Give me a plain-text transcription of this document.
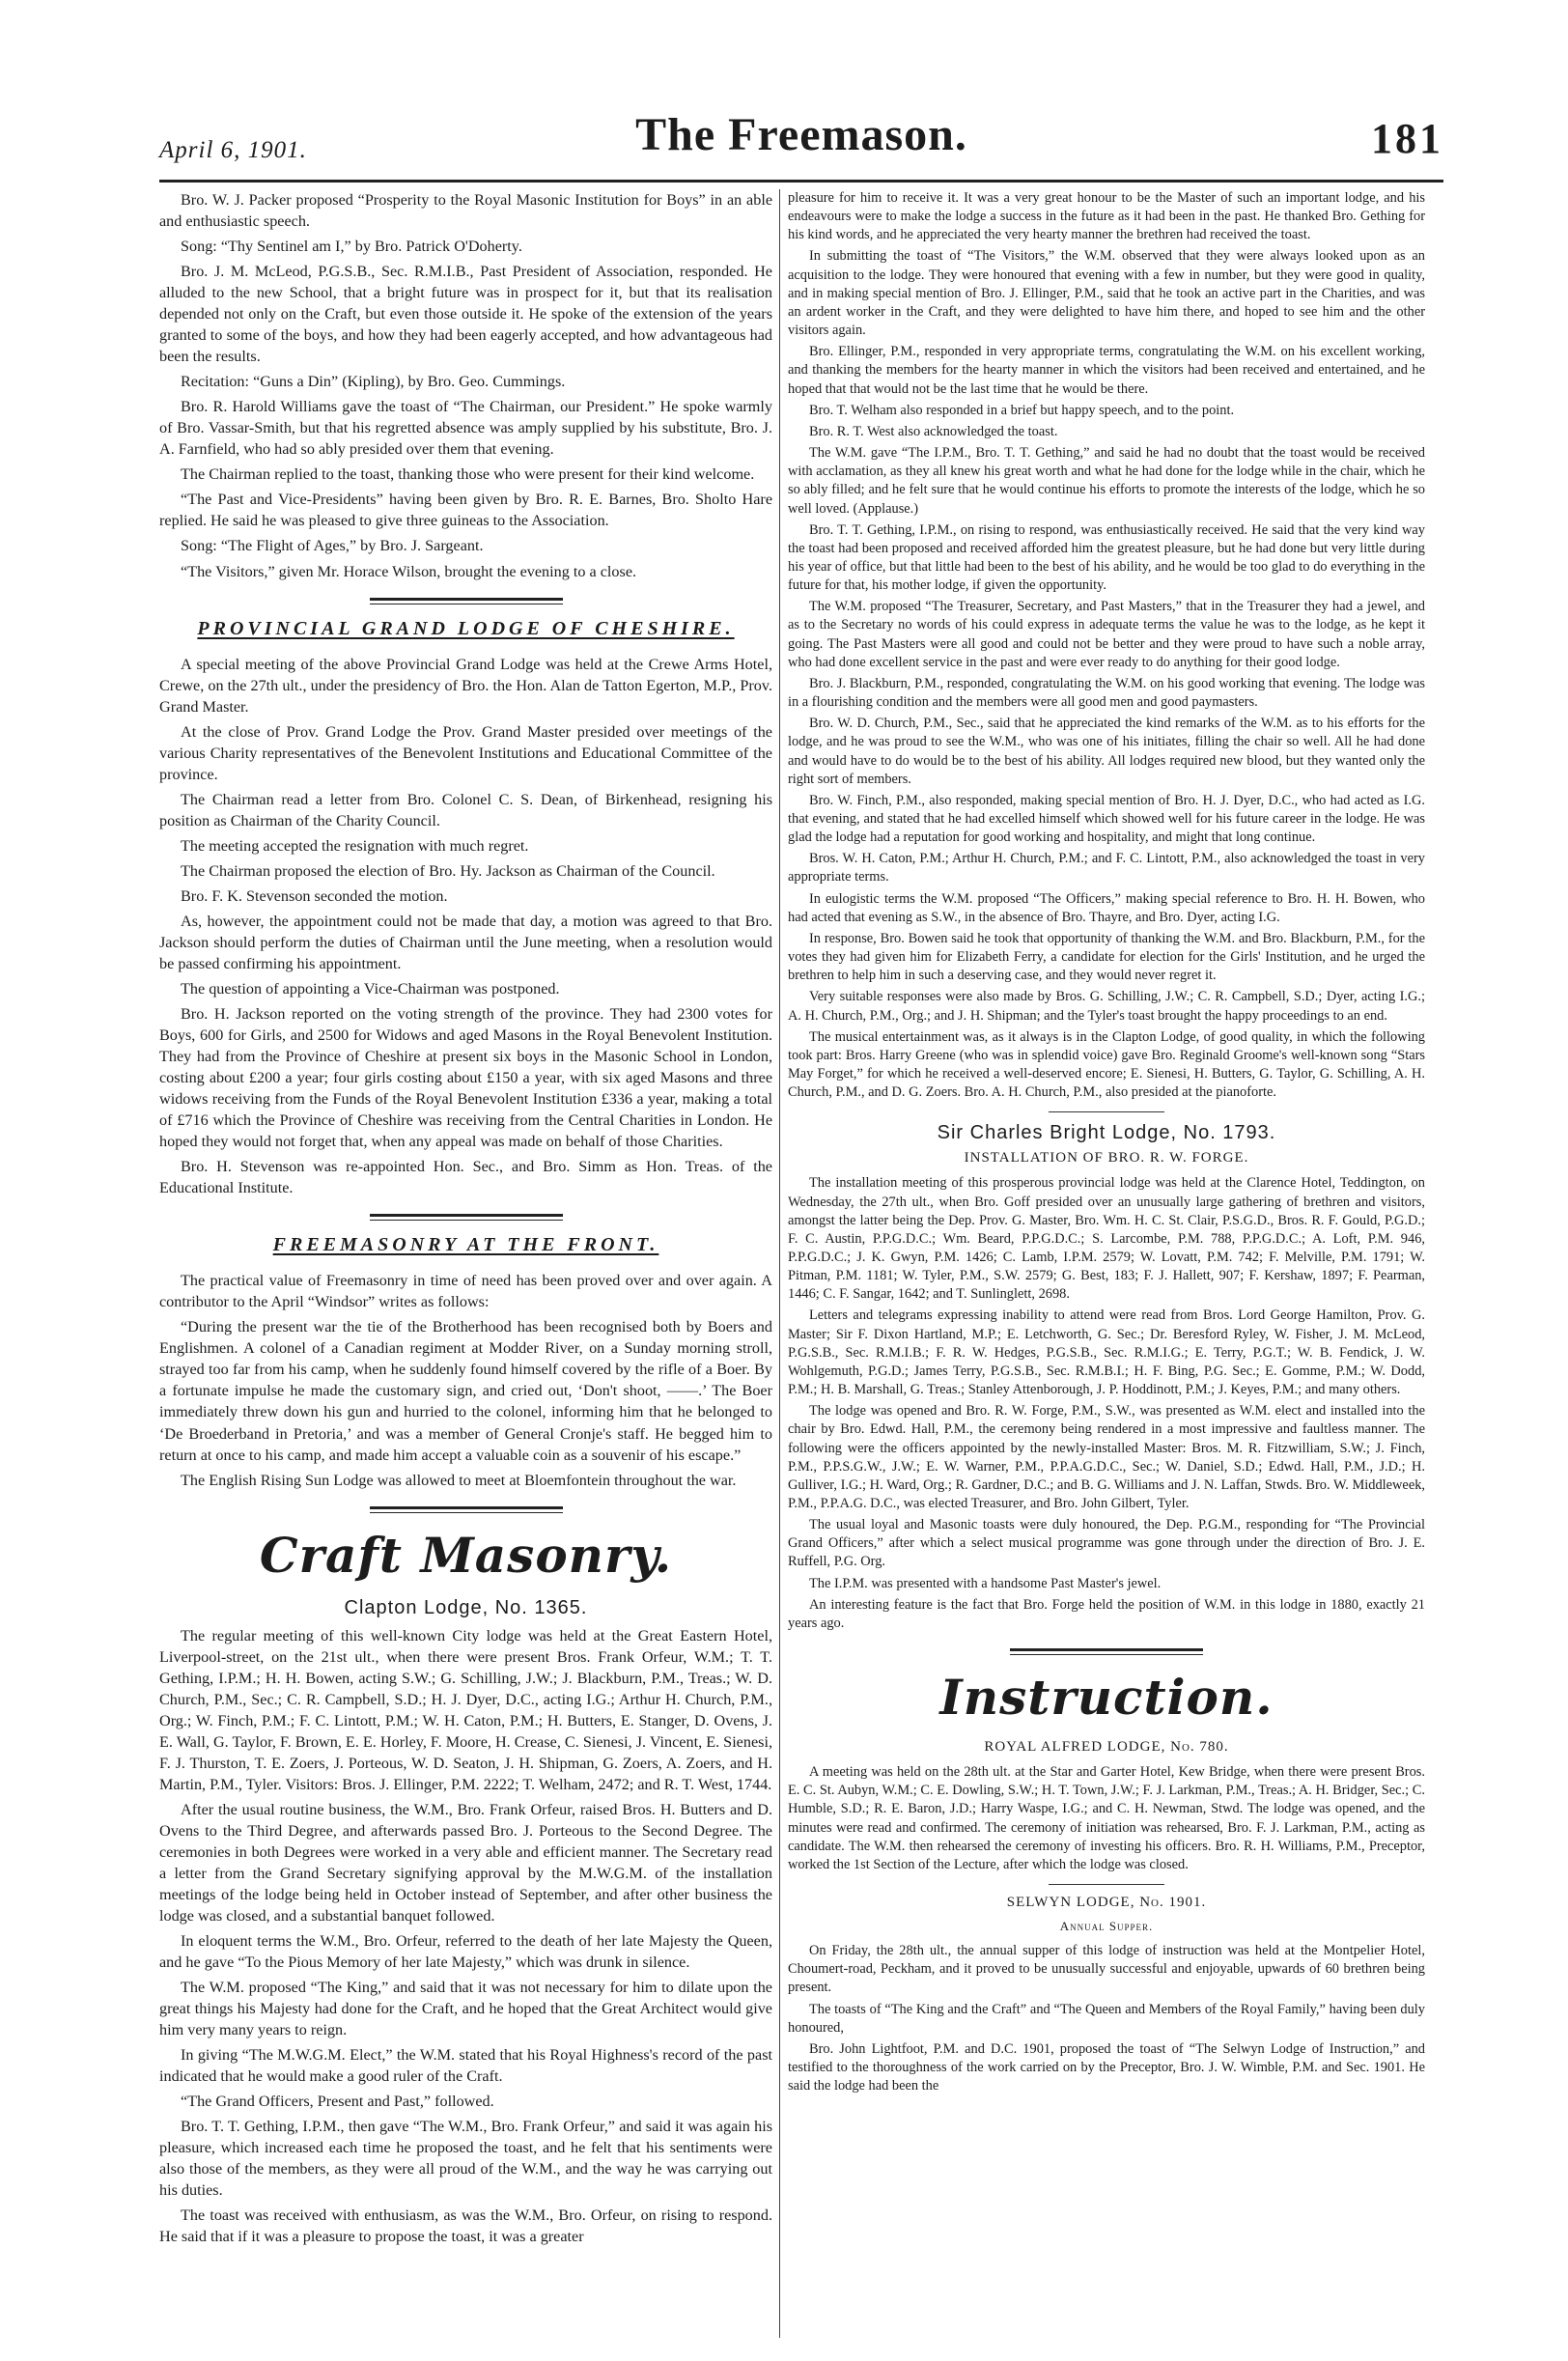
April 6, 1901.	The Freemason.	181

Bro. W. J. Packer proposed “Prosperity to the Royal Masonic Institution for Boys” in an able and enthusiastic speech.

Song: “Thy Sentinel am I,” by Bro. Patrick O'Doherty.

Bro. J. M. McLeod, P.G.S.B., Sec. R.M.I.B., Past President of Association, responded. He alluded to the new School, that a bright future was in prospect for it, but that its realisation depended not only on the Craft, but even those outside it. He spoke of the extension of the years granted to some of the boys, and how they had been eagerly accepted, and how advantageous had been the results.

Recitation: “Guns a Din” (Kipling), by Bro. Geo. Cummings.

Bro. R. Harold Williams gave the toast of “The Chairman, our President.” He spoke warmly of Bro. Vassar-Smith, but that his regretted absence was amply supplied by his substitute, Bro. J. A. Farnfield, who had so ably presided over them that evening.

The Chairman replied to the toast, thanking those who were present for their kind welcome.

“The Past and Vice-Presidents” having been given by Bro. R. E. Barnes, Bro. Sholto Hare replied. He said he was pleased to give three guineas to the Association.

Song: “The Flight of Ages,” by Bro. J. Sargeant.

“The Visitors,” given Mr. Horace Wilson, brought the evening to a close.

PROVINCIAL GRAND LODGE OF CHESHIRE.

A special meeting of the above Provincial Grand Lodge was held at the Crewe Arms Hotel, Crewe, on the 27th ult., under the presidency of Bro. the Hon. Alan de Tatton Egerton, M.P., Prov. Grand Master.

At the close of Prov. Grand Lodge the Prov. Grand Master presided over meetings of the various Charity representatives of the Benevolent Institutions and Educational Committee of the province.

The Chairman read a letter from Bro. Colonel C. S. Dean, of Birkenhead, resigning his position as Chairman of the Charity Council.

The meeting accepted the resignation with much regret.

The Chairman proposed the election of Bro. Hy. Jackson as Chairman of the Council.

Bro. F. K. Stevenson seconded the motion.

As, however, the appointment could not be made that day, a motion was agreed to that Bro. Jackson should perform the duties of Chairman until the June meeting, when a resolution would be passed confirming his appointment.

The question of appointing a Vice-Chairman was postponed.

Bro. H. Jackson reported on the voting strength of the province. They had 2300 votes for Boys, 600 for Girls, and 2500 for Widows and aged Masons in the Royal Benevolent Institution. They had from the Province of Cheshire at present six boys in the Masonic School in London, costing about £200 a year; four girls costing about £150 a year, with six aged Masons and three widows receiving from the Funds of the Royal Benevolent Institution £336 a year, making a total of £716 which the Province of Cheshire was receiving from the Central Charities in London. He hoped they would not forget that, when any appeal was made on behalf of those Charities.

Bro. H. Stevenson was re-appointed Hon. Sec., and Bro. Simm as Hon. Treas. of the Educational Institute.

FREEMASONRY AT THE FRONT.

The practical value of Freemasonry in time of need has been proved over and over again. A contributor to the April “Windsor” writes as follows:

“During the present war the tie of the Brotherhood has been recognised both by Boers and Englishmen. A colonel of a Canadian regiment at Modder River, on a Sunday morning stroll, strayed too far from his camp, when he suddenly found himself covered by the rifle of a Boer. By a fortunate impulse he made the customary sign, and cried out, ‘Don't shoot, ——.’ The Boer immediately threw down his gun and hurried to the colonel, informing him that he belonged to ‘De Broederband in Pretoria,’ and was a member of General Cronje's staff. He begged him to return at once to his camp, and made him accept a valuable coin as a souvenir of his escape.”

The English Rising Sun Lodge was allowed to meet at Bloemfontein throughout the war.

Craft Masonry.
Clapton Lodge, No. 1365.

The regular meeting of this well-known City lodge was held at the Great Eastern Hotel, Liverpool-street, on the 21st ult., when there were present Bros. Frank Orfeur, W.M.; T. T. Gething, I.P.M.; H. H. Bowen, acting S.W.; G. Schilling, J.W.; J. Blackburn, P.M., Treas.; W. D. Church, P.M., Sec.; C. R. Campbell, S.D.; H. J. Dyer, D.C., acting I.G.; Arthur H. Church, P.M., Org.; W. Finch, P.M.; F. C. Lintott, P.M.; W. H. Caton, P.M.; H. Butters, E. Stanger, D. Ovens, J. E. Wall, G. Taylor, F. Brown, E. E. Horley, F. Moore, H. Crease, C. Sienesi, J. Vincent, E. Sienesi, F. J. Thurston, T. E. Zoers, J. Porteous, W. D. Seaton, J. H. Shipman, G. Zoers, A. Zoers, and H. Martin, P.M., Tyler. Visitors: Bros. J. Ellinger, P.M. 2222; T. Welham, 2472; and R. T. West, 1744.

After the usual routine business, the W.M., Bro. Frank Orfeur, raised Bros. H. Butters and D. Ovens to the Third Degree, and afterwards passed Bro. J. Porteous to the Second Degree. The ceremonies in both Degrees were worked in a very able and efficient manner. The Secretary read a letter from the Grand Secretary signifying approval by the M.W.G.M. of the installation meetings of the lodge being held in October instead of September, and after other business the lodge was closed, and a substantial banquet followed.

In eloquent terms the W.M., Bro. Orfeur, referred to the death of her late Majesty the Queen, and he gave “To the Pious Memory of her late Majesty,” which was drunk in silence.

The W.M. proposed “The King,” and said that it was not necessary for him to dilate upon the great things his Majesty had done for the Craft, and he hoped that the Great Architect would give him very many years to reign.

In giving “The M.W.G.M. Elect,” the W.M. stated that his Royal Highness's record of the past indicated that he would make a good ruler of the Craft.

“The Grand Officers, Present and Past,” followed.

Bro. T. T. Gething, I.P.M., then gave “The W.M., Bro. Frank Orfeur,” and said it was again his pleasure, which increased each time he proposed the toast, and he felt that his sentiments were also those of the members, as they were all proud of the W.M., and the way he was carrying out his duties.

The toast was received with enthusiasm, as was the W.M., Bro. Orfeur, on rising to respond. He said that if it was a pleasure to propose the toast, it was a greater

pleasure for him to receive it. It was a very great honour to be the Master of such an important lodge, and his endeavours were to make the lodge a success in the future as it had been in the past. He thanked Bro. Gething for his kind words, and he appreciated the very hearty manner the brethren had received the toast.

In submitting the toast of “The Visitors,” the W.M. observed that they were always looked upon as an acquisition to the lodge. They were honoured that evening with a few in number, but they were good in quality, and in making special mention of Bro. J. Ellinger, P.M., said that he took an active part in the Charities, and was an ardent worker in the Craft, and they were delighted to have him there, and hoped to see him and the other visitors again.

Bro. Ellinger, P.M., responded in very appropriate terms, congratulating the W.M. on his excellent working, and thanking the members for the hearty manner in which the visitors had been received and entertained, and he hoped that that would not be the last time that he would be there.

Bro. T. Welham also responded in a brief but happy speech, and to the point.

Bro. R. T. West also acknowledged the toast.

The W.M. gave “The I.P.M., Bro. T. T. Gething,” and said he had no doubt that the toast would be received with acclamation, as they all knew his great worth and what he had done for the lodge while in the chair, which he so ably filled; and he felt sure that he would continue his efforts to promote the interests of the lodge, which he so well loved. (Applause.)

Bro. T. T. Gething, I.P.M., on rising to respond, was enthusiastically received. He said that the very kind way the toast had been proposed and received afforded him the greatest pleasure, but he had done but very little during his year of office, but that little had been to the best of his ability, and he would be too glad to do everything in the future for that, his mother lodge, if given the opportunity.

The W.M. proposed “The Treasurer, Secretary, and Past Masters,” that in the Treasurer they had a jewel, and as to the Secretary no words of his could express in adequate terms the value he was to the lodge, as he kept it going. The Past Masters were all good and could not be better and they were proud to have such a noble array, who had done excellent service in the past and were ever ready to do anything for their good lodge.

Bro. J. Blackburn, P.M., responded, congratulating the W.M. on his good working that evening. The lodge was in a flourishing condition and the members were all good men and good paymasters.

Bro. W. D. Church, P.M., Sec., said that he appreciated the kind remarks of the W.M. as to his efforts for the lodge, and he was proud to see the W.M., who was one of his initiates, filling the chair so well. All he had done and would have to do would be to the best of his ability. All lodges required new blood, but they wanted only the right sort of members.

Bro. W. Finch, P.M., also responded, making special mention of Bro. H. J. Dyer, D.C., who had acted as I.G. that evening, and stated that he had excelled himself which showed well for his future career in the lodge. He was glad the lodge had a reputation for good working and hospitality, and might that long continue.

Bros. W. H. Caton, P.M.; Arthur H. Church, P.M.; and F. C. Lintott, P.M., also acknowledged the toast in very appropriate terms.

In eulogistic terms the W.M. proposed “The Officers,” making special reference to Bro. H. H. Bowen, who had acted that evening as S.W., in the absence of Bro. Thayre, and Bro. Dyer, acting I.G.

In response, Bro. Bowen said he took that opportunity of thanking the W.M. and Bro. Blackburn, P.M., for the votes they had given him for Elizabeth Ferry, a candidate for election for the Girls' Institution, and he urged the brethren to help him in such a deserving case, and they would never regret it.

Very suitable responses were also made by Bros. G. Schilling, J.W.; C. R. Campbell, S.D.; Dyer, acting I.G.; A. H. Church, P.M., Org.; and J. H. Shipman; and the Tyler's toast brought the happy proceedings to an end.

The musical entertainment was, as it always is in the Clapton Lodge, of good quality, in which the following took part: Bros. Harry Greene (who was in splendid voice) gave Bro. Reginald Groome's well-known song “Stars May Forget,” for which he received a well-deserved encore; E. Sienesi, H. Butters, G. Taylor, G. Schilling, A. H. Church, P.M., and D. G. Zoers. Bro. A. H. Church, P.M., also presided at the pianoforte.

Sir Charles Bright Lodge, No. 1793.
INSTALLATION OF BRO. R. W. FORGE.

The installation meeting of this prosperous provincial lodge was held at the Clarence Hotel, Teddington, on Wednesday, the 27th ult., when Bro. Goff presided over an unusually large gathering of brethren and visitors, amongst the latter being the Dep. Prov. G. Master, Bro. Wm. H. C. St. Clair, P.S.G.D., Bros. R. F. Gould, P.G.D.; F. C. Austin, P.P.G.D.C.; Wm. Beard, P.P.G.D.C.; S. Larcombe, P.M. 788, P.P.G.D.C.; A. Loft, P.M. 946, P.P.G.D.C.; J. K. Gwyn, P.M. 1426; C. Lamb, I.P.M. 2579; W. Lovatt, P.M. 742; F. Melville, P.M. 1791; W. Pitman, P.M. 1181; W. Tyler, P.M., S.W. 2579; G. Best, 183; F. J. Hallett, 907; F. Kershaw, 1897; F. Pearman, 1446; C. F. Sangar, 1642; and T. Sunlinglett, 2698.

Letters and telegrams expressing inability to attend were read from Bros. Lord George Hamilton, Prov. G. Master; Sir F. Dixon Hartland, M.P.; E. Letchworth, G. Sec.; Dr. Beresford Ryley, W. Fisher, J. M. McLeod, P.G.S.B., Sec. R.M.I.B.; F. R. W. Hedges, P.G.S.B., Sec. R.M.I.G.; E. Terry, P.G.T.; W. B. Fendick, J. W. Wohlgemuth, P.G.D.; James Terry, P.G.S.B., Sec. R.M.B.I.; H. F. Bing, P.G. Sec.; E. Gomme, P.M.; W. Dodd, P.M.; H. B. Marshall, G. Treas.; Stanley Attenborough, J. P. Hoddinott, P.M.; J. Keyes, P.M.; and many others.

The lodge was opened and Bro. R. W. Forge, P.M., S.W., was presented as W.M. elect and installed into the chair by Bro. Edwd. Hall, P.M., the ceremony being rendered in a most impressive and faultless manner. The following were the officers appointed by the newly-installed Master: Bros. M. R. Fitzwilliam, S.W.; J. Finch, P.M., P.P.S.G.W., J.W.; E. W. Warner, P.M., P.P.A.G.D.C., Sec.; W. Daniel, S.D.; Edwd. Hall, P.M., J.D.; H. Gulliver, I.G.; H. Ward, Org.; R. Gardner, D.C.; and B. G. Williams and J. N. Laffan, Stwds. Bro. W. Middleweek, P.M., P.P.A.G. D.C., was elected Treasurer, and Bro. John Gilbert, Tyler.

The usual loyal and Masonic toasts were duly honoured, the Dep. P.G.M., responding for “The Provincial Grand Officers,” after which a select musical programme was gone through under the direction of Bro. J. E. Ruffell, P.G. Org.

The I.P.M. was presented with a handsome Past Master's jewel.

An interesting feature is the fact that Bro. Forge held the position of W.M. in this lodge in 1880, exactly 21 years ago.

Instruction.
ROYAL ALFRED LODGE, No. 780.

A meeting was held on the 28th ult. at the Star and Garter Hotel, Kew Bridge, when there were present Bros. E. C. St. Aubyn, W.M.; C. E. Dowling, S.W.; H. T. Town, J.W.; F. J. Larkman, P.M., Treas.; A. H. Bridger, Sec.; C. Humble, S.D.; R. E. Baron, J.D.; Harry Waspe, I.G.; and C. H. Newman, Stwd. The lodge was opened, and the minutes were read and confirmed. The ceremony of initiation was rehearsed, Bro. F. J. Larkman, P.M., acting as candidate. The W.M. then rehearsed the ceremony of investing his officers. Bro. R. H. Williams, P.M., Preceptor, worked the 1st Section of the Lecture, after which the lodge was closed.

SELWYN LODGE, No. 1901.
Annual Supper.

On Friday, the 28th ult., the annual supper of this lodge of instruction was held at the Montpelier Hotel, Choumert-road, Peckham, and it proved to be unusually successful and enjoyable, upwards of 60 brethren being present.

The toasts of “The King and the Craft” and “The Queen and Members of the Royal Family,” having been duly honoured,

Bro. John Lightfoot, P.M. and D.C. 1901, proposed the toast of “The Selwyn Lodge of Instruction,” and testified to the thoroughness of the work carried on by the Preceptor, Bro. J. W. Wimble, P.M. and Sec. 1901. He said the lodge had been the
